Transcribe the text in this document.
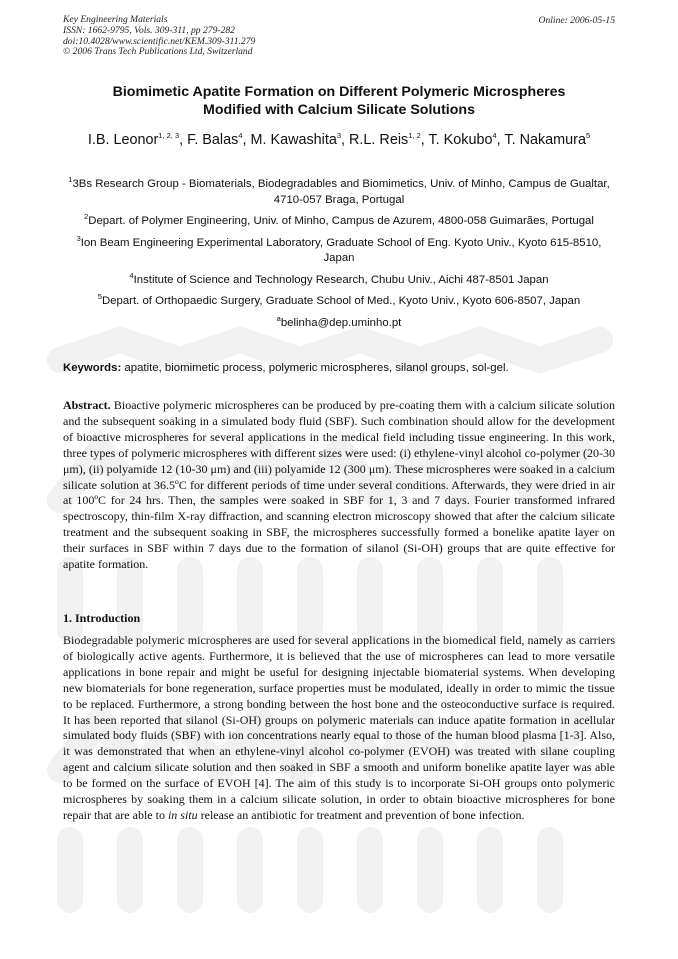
Key Engineering Materials
ISSN: 1662-9795, Vols. 309-311, pp 279-282
doi:10.4028/www.scientific.net/KEM.309-311.279
© 2006 Trans Tech Publications Ltd, Switzerland
Online: 2006-05-15
Biomimetic Apatite Formation on Different Polymeric Microspheres
Modified with Calcium Silicate Solutions
I.B. Leonor$^{1, 2, 3}$, F. Balas$^4$, M. Kawashita$^3$, R.L. Reis$^{1, 2}$, T. Kokubo$^4$, T. Nakamura$^5$
$^1$3Bs Research Group - Biomaterials, Biodegradables and Biomimetics, Univ. of Minho, Campus de Gualtar, 4710-057 Braga, Portugal
$^2$Depart. of Polymer Engineering, Univ. of Minho, Campus de Azurem, 4800-058 Guimarães, Portugal
$^3$Ion Beam Engineering Experimental Laboratory, Graduate School of Eng. Kyoto Univ., Kyoto 615-8510, Japan
$^4$Institute of Science and Technology Research, Chubu Univ., Aichi 487-8501 Japan
$^5$Depart. of Orthopaedic Surgery, Graduate School of Med., Kyoto Univ., Kyoto 606-8507, Japan
$^a$belinha@dep.uminho.pt
Keywords: apatite, biomimetic process, polymeric microspheres, silanol groups, sol-gel.

Abstract. Bioactive polymeric microspheres can be produced by pre-coating them with a calcium silicate solution and the subsequent soaking in a simulated body fluid (SBF). Such combination should allow for the development of bioactive microspheres for several applications in the medical field including tissue engineering. In this work, three types of polymeric microspheres with different sizes were used: (i) ethylene-vinyl alcohol co-polymer (20-30 μm), (ii) polyamide 12 (10-30 μm) and (iii) polyamide 12 (300 μm). These microspheres were soaked in a calcium silicate solution at 36.5ºC for different periods of time under several conditions. Afterwards, they were dried in air at 100ºC for 24 hrs. Then, the samples were soaked in SBF for 1, 3 and 7 days. Fourier transformed infrared spectroscopy, thin-film X-ray diffraction, and scanning electron microscopy showed that after the calcium silicate treatment and the subsequent soaking in SBF, the microspheres successfully formed a bonelike apatite layer on their surfaces in SBF within 7 days due to the formation of silanol (Si-OH) groups that are quite effective for apatite formation.

1. Introduction

Biodegradable polymeric microspheres are used for several applications in the biomedical field, namely as carriers of biologically active agents. Furthermore, it is believed that the use of microspheres can lead to more versatile applications in bone repair and might be useful for designing injectable biomaterial systems. When developing new biomaterials for bone regeneration, surface properties must be modulated, ideally in order to mimic the tissue to be replaced. Furthermore, a strong bonding between the host bone and the osteoconductive surface is required. It has been reported that silanol (Si-OH) groups on polymeric materials can induce apatite formation in acellular simulated body fluids (SBF) with ion concentrations nearly equal to those of the human blood plasma [1-3]. Also, it was demonstrated that when an ethylene-vinyl alcohol co-polymer (EVOH) was treated with silane coupling agent and calcium silicate solution and then soaked in SBF a smooth and uniform bonelike apatite layer was able to be formed on the surface of EVOH [4]. The aim of this study is to incorporate Si-OH groups onto polymeric microspheres by soaking them in a calcium silicate solution, in order to obtain bioactive microspheres for bone repair that are able to in situ release an antibiotic for treatment and prevention of bone infection.
